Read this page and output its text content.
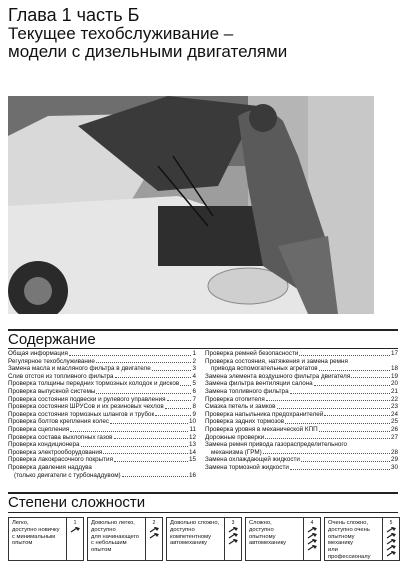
Глава 1 часть Б
Текущее техобслуживание –
модели с дизельными двигателями
Содержание
Общая информация	1
Регулярное техобслуживание	2
Замена масла и масляного фильтра в двигателе	3
Слив отстоя из топливного фильтра	4
Проверка толщины передних тормозных колодок и дисков 5
Проверка выпускной системы	6
Проверка состояния подвески и рулевого управления	7
Проверка состояния ШРУСов и их резиновых чехлов	8
Проверка состояния тормозных шлангов и трубок	9
Проверка болтов крепления колес	10
Проверка сцепления	11
Проверка состава выхлопных газов	12
Проверка кондиционера	13
Проверка электрооборудования	14
Проверка лакокрасочного покрытия	15
Проверка давления наддува
(только двигатели с турбонаддувом)	16
Проверка ремней безопасности	17
Проверка состояния, натяжения и замена ремня
привода вспомогательных агрегатов	18
Замена элемента воздушного фильтра двигателя	19
Замена фильтра вентиляции салона	20
Замена топливного фильтра	21
Проверка отопителя	22
Смазка петель и замков	23
Проверка напыльника предохранителей	24
Проверка задних тормозов	25
Проверка уровня в механической КПП	26
Дорожные проверки	27
Замена ремня привода газораспределительного
механизма (ГРМ)	28
Замена охлаждающей жидкости	29
Замена тормозной жидкости	30
Степени сложности
Легко,
доступно новичку
с минимальным
опытом
1	Довольно легко,
доступно
для начинающего
с небольшим опытом
2	Довольно сложно,
доступно
компетентному
автомеханику
3	Сложно,
доступно опытному
автомеханику
4	Очень сложно,
доступно очень
опытному механику
или профессионалу
5
